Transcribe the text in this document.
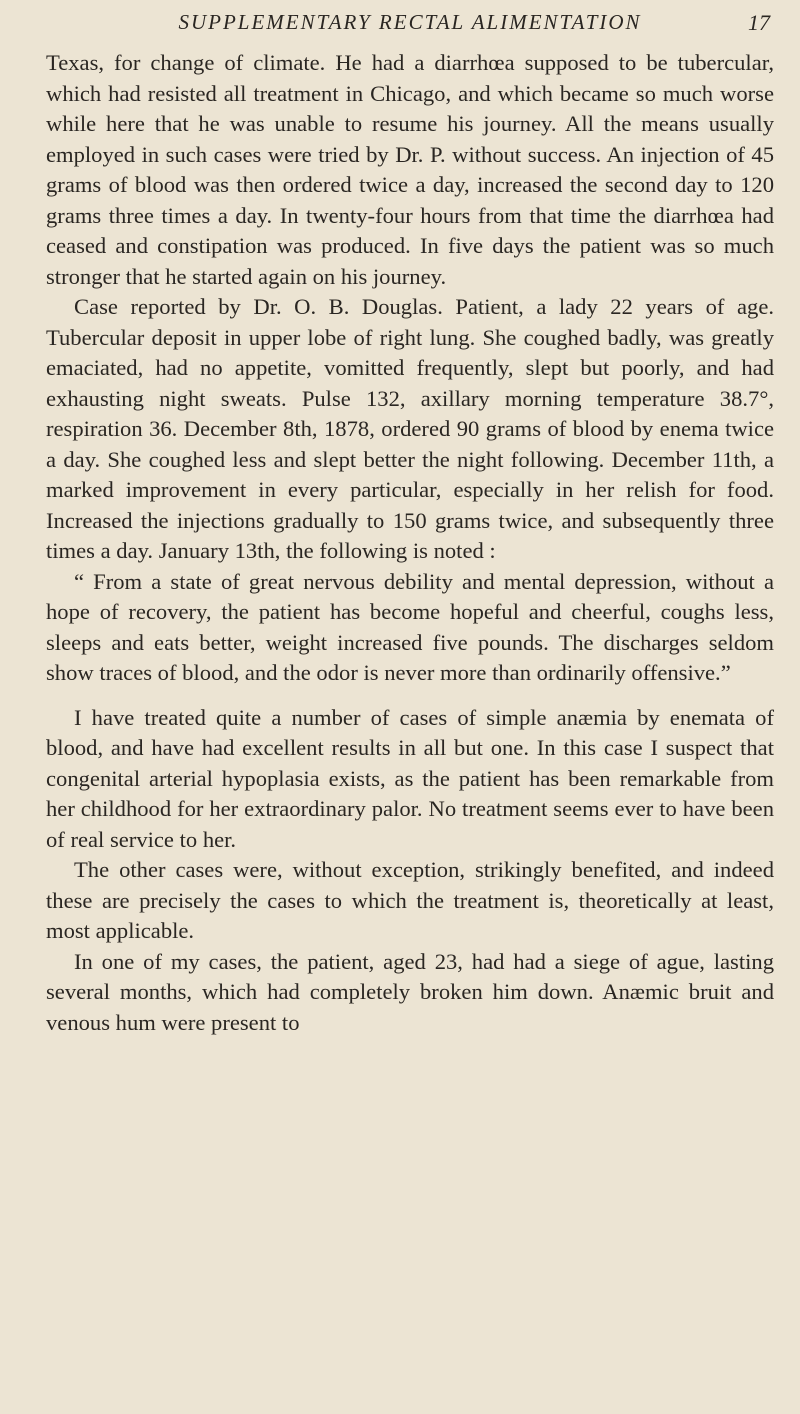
SUPPLEMENTARY RECTAL ALIMENTATION	17

Texas, for change of climate. He had a diarrhœa supposed to be tubercular, which had resisted all treatment in Chicago, and which became so much worse while here that he was unable to resume his journey. All the means usually employed in such cases were tried by Dr. P. without success. An injection of 45 grams of blood was then ordered twice a day, increased the second day to 120 grams three times a day. In twenty-four hours from that time the diarrhœa had ceased and constipation was produced. In five days the patient was so much stronger that he started again on his journey.

Case reported by Dr. O. B. Douglas. Patient, a lady 22 years of age. Tubercular deposit in upper lobe of right lung. She coughed badly, was greatly emaciated, had no appetite, vomitted frequently, slept but poorly, and had exhausting night sweats. Pulse 132, axillary morning temperature 38.7°, respiration 36. December 8th, 1878, ordered 90 grams of blood by enema twice a day. She coughed less and slept better the night following. December 11th, a marked improvement in every particular, especially in her relish for food. Increased the injections gradually to 150 grams twice, and subsequently three times a day. January 13th, the following is noted :

“ From a state of great nervous debility and mental depression, without a hope of recovery, the patient has become hopeful and cheerful, coughs less, sleeps and eats better, weight increased five pounds. The discharges seldom show traces of blood, and the odor is never more than ordinarily offensive.”

I have treated quite a number of cases of simple anæmia by enemata of blood, and have had excellent results in all but one. In this case I suspect that congenital arterial hypoplasia exists, as the patient has been remarkable from her childhood for her extraordinary palor. No treatment seems ever to have been of real service to her.

The other cases were, without exception, strikingly benefited, and indeed these are precisely the cases to which the treatment is, theoretically at least, most applicable.

In one of my cases, the patient, aged 23, had had a siege of ague, lasting several months, which had completely broken him down. Anæmic bruit and venous hum were present to
